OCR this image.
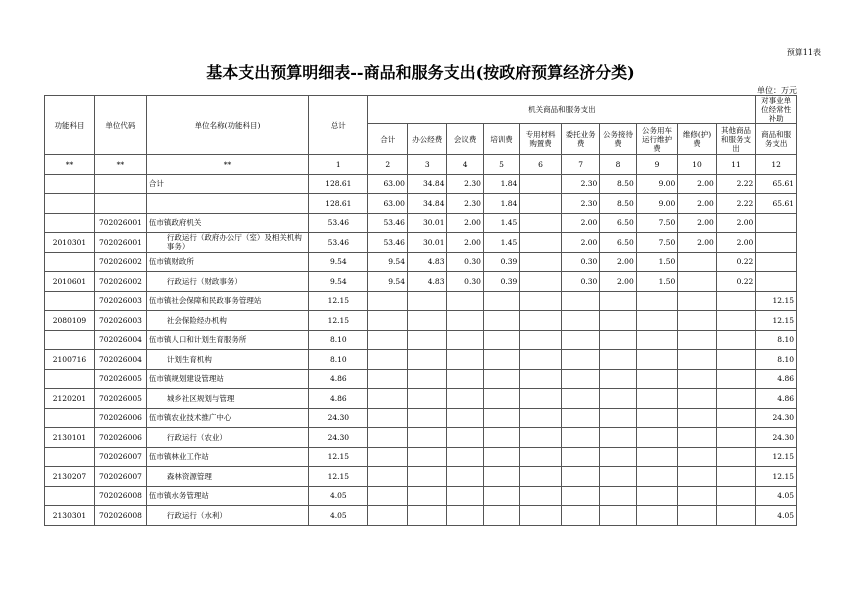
预算11表
基本支出预算明细表--商品和服务支出(按政府预算经济分类)
单位：万元
功能科目	单位代码	单位名称(功能科目)	总计	机关商品和服务支出										对事业单位经常性补助
				合计	办公经费	会议费	培训费	专用材料购置费	委托业务费	公务接待费	公务用车运行维护费	维修(护)费	其他商品和服务支出	商品和服务支出
**	**	**	1	2	3	4	5	6	7	8	9	10	11	12
		合计	128.61	63.00	34.84	2.30	1.84		2.30	8.50	9.00	2.00	2.22	65.61
			128.61	63.00	34.84	2.30	1.84		2.30	8.50	9.00	2.00	2.22	65.61
	702026001	伍市镇政府机关	53.46	53.46	30.01	2.00	1.45		2.00	6.50	7.50	2.00	2.00	
2010301	702026001	行政运行（政府办公厅（室）及相关机构事务）	53.46	53.46	30.01	2.00	1.45		2.00	6.50	7.50	2.00	2.00	
	702026002	伍市镇财政所	9.54	9.54	4.83	0.30	0.39		0.30	2.00	1.50		0.22	
2010601	702026002	行政运行（财政事务）	9.54	9.54	4.83	0.30	0.39		0.30	2.00	1.50		0.22	
	702026003	伍市镇社会保障和民政事务管理站	12.15											12.15
2080109	702026003	社会保险经办机构	12.15											12.15
	702026004	伍市镇人口和计划生育服务所	8.10											8.10
2100716	702026004	计划生育机构	8.10											8.10
	702026005	伍市镇规划建设管理站	4.86											4.86
2120201	702026005	城乡社区规划与管理	4.86											4.86
	702026006	伍市镇农业技术推广中心	24.30											24.30
2130101	702026006	行政运行（农业）	24.30											24.30
	702026007	伍市镇林业工作站	12.15											12.15
2130207	702026007	森林资源管理	12.15											12.15
	702026008	伍市镇水务管理站	4.05											4.05
2130301	702026008	行政运行（水利）	4.05											4.05
